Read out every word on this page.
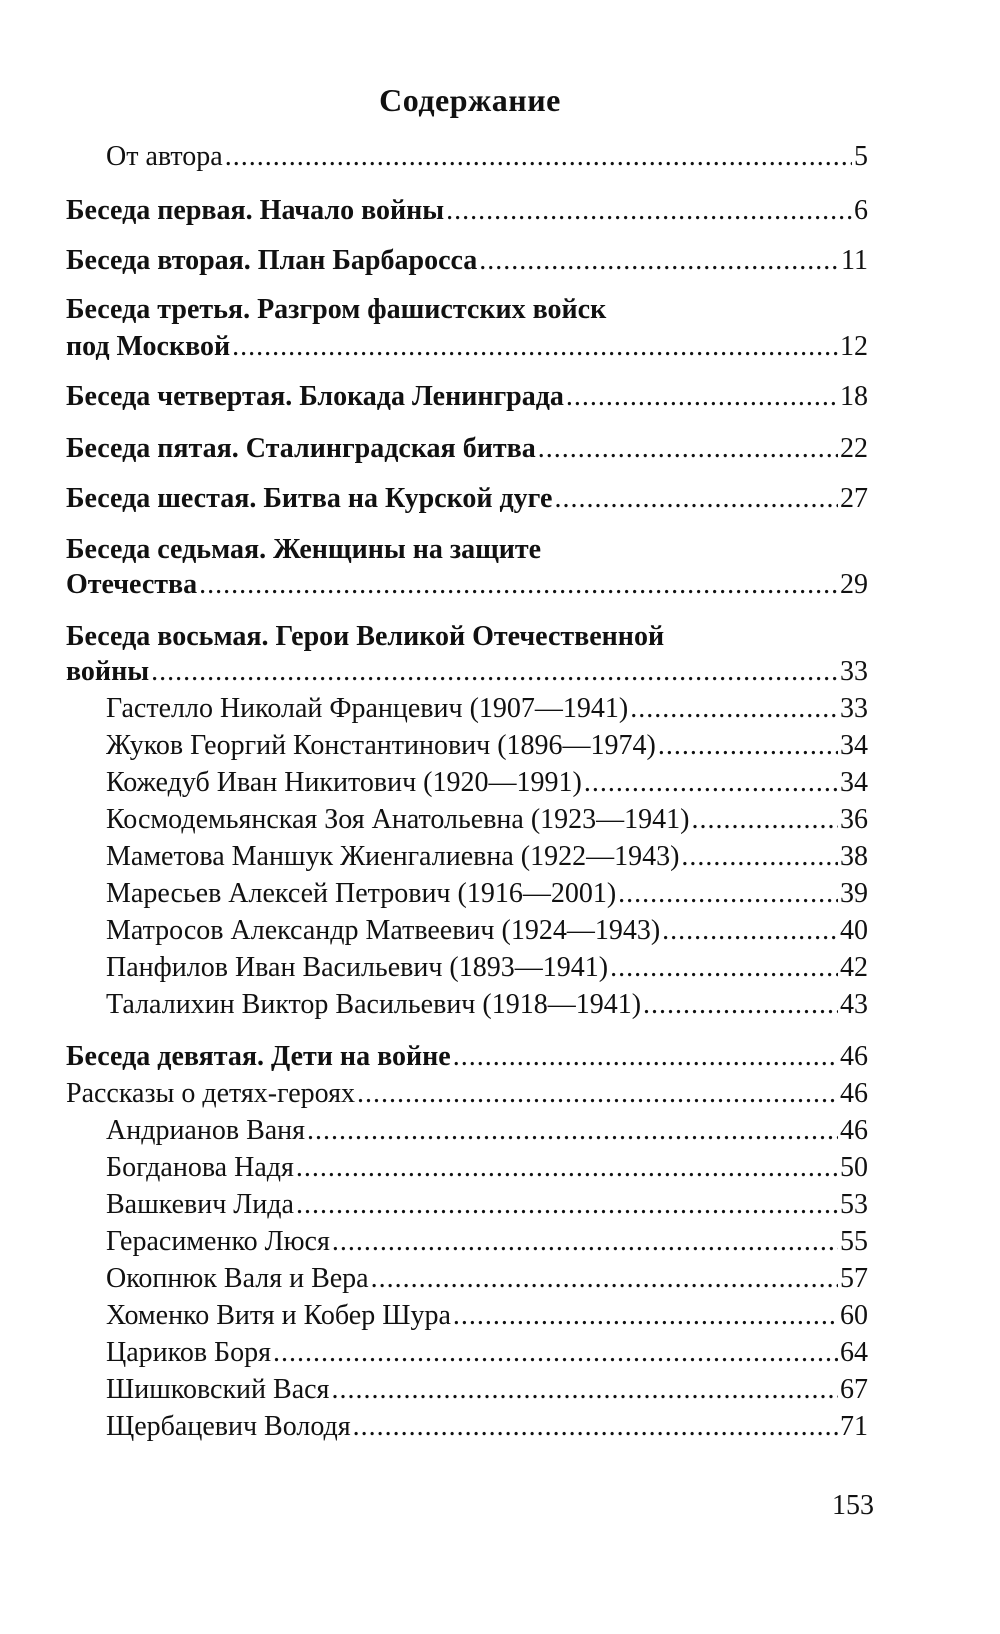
Содержание
От автора .....	5
Беседа первая. Начало войны .....	6
Беседа вторая. План Барбаросса .....	11
Беседа третья. Разгром фашистских войск
под Москвой .....	12
Беседа четвертая. Блокада Ленинграда .....	18
Беседа пятая. Сталинградская битва .....	22
Беседа шестая. Битва на Курской дуге .....	27
Беседа седьмая. Женщины на защите
Отечества .....	29
Беседа восьмая. Герои Великой Отечественной
войны .....	33
Гастелло Николай Францевич (1907—1941) .....	33
Жуков Георгий Константинович (1896—1974) .....	34
Кожедуб Иван Никитович (1920—1991) .....	34
Космодемьянская Зоя Анатольевна (1923—1941) .....	36
Маметова Маншук Жиенгалиевна (1922—1943) .....	38
Маресьев Алексей Петрович (1916—2001) .....	39
Матросов Александр Матвеевич (1924—1943) .....	40
Панфилов Иван Васильевич (1893—1941) .....	42
Талалихин Виктор Васильевич (1918—1941) .....	43
Беседа девятая. Дети на войне .....	46
Рассказы о детях-героях .....	46
Андрианов Ваня .....	46
Богданова Надя .....	50
Вашкевич Лида .....	53
Герасименко Люся .....	55
Окопнюк Валя и Вера .....	57
Хоменко Витя и Кобер Шура .....	60
Цариков Боря .....	64
Шишковский Вася .....	67
Щербацевич Володя .....	71
153
